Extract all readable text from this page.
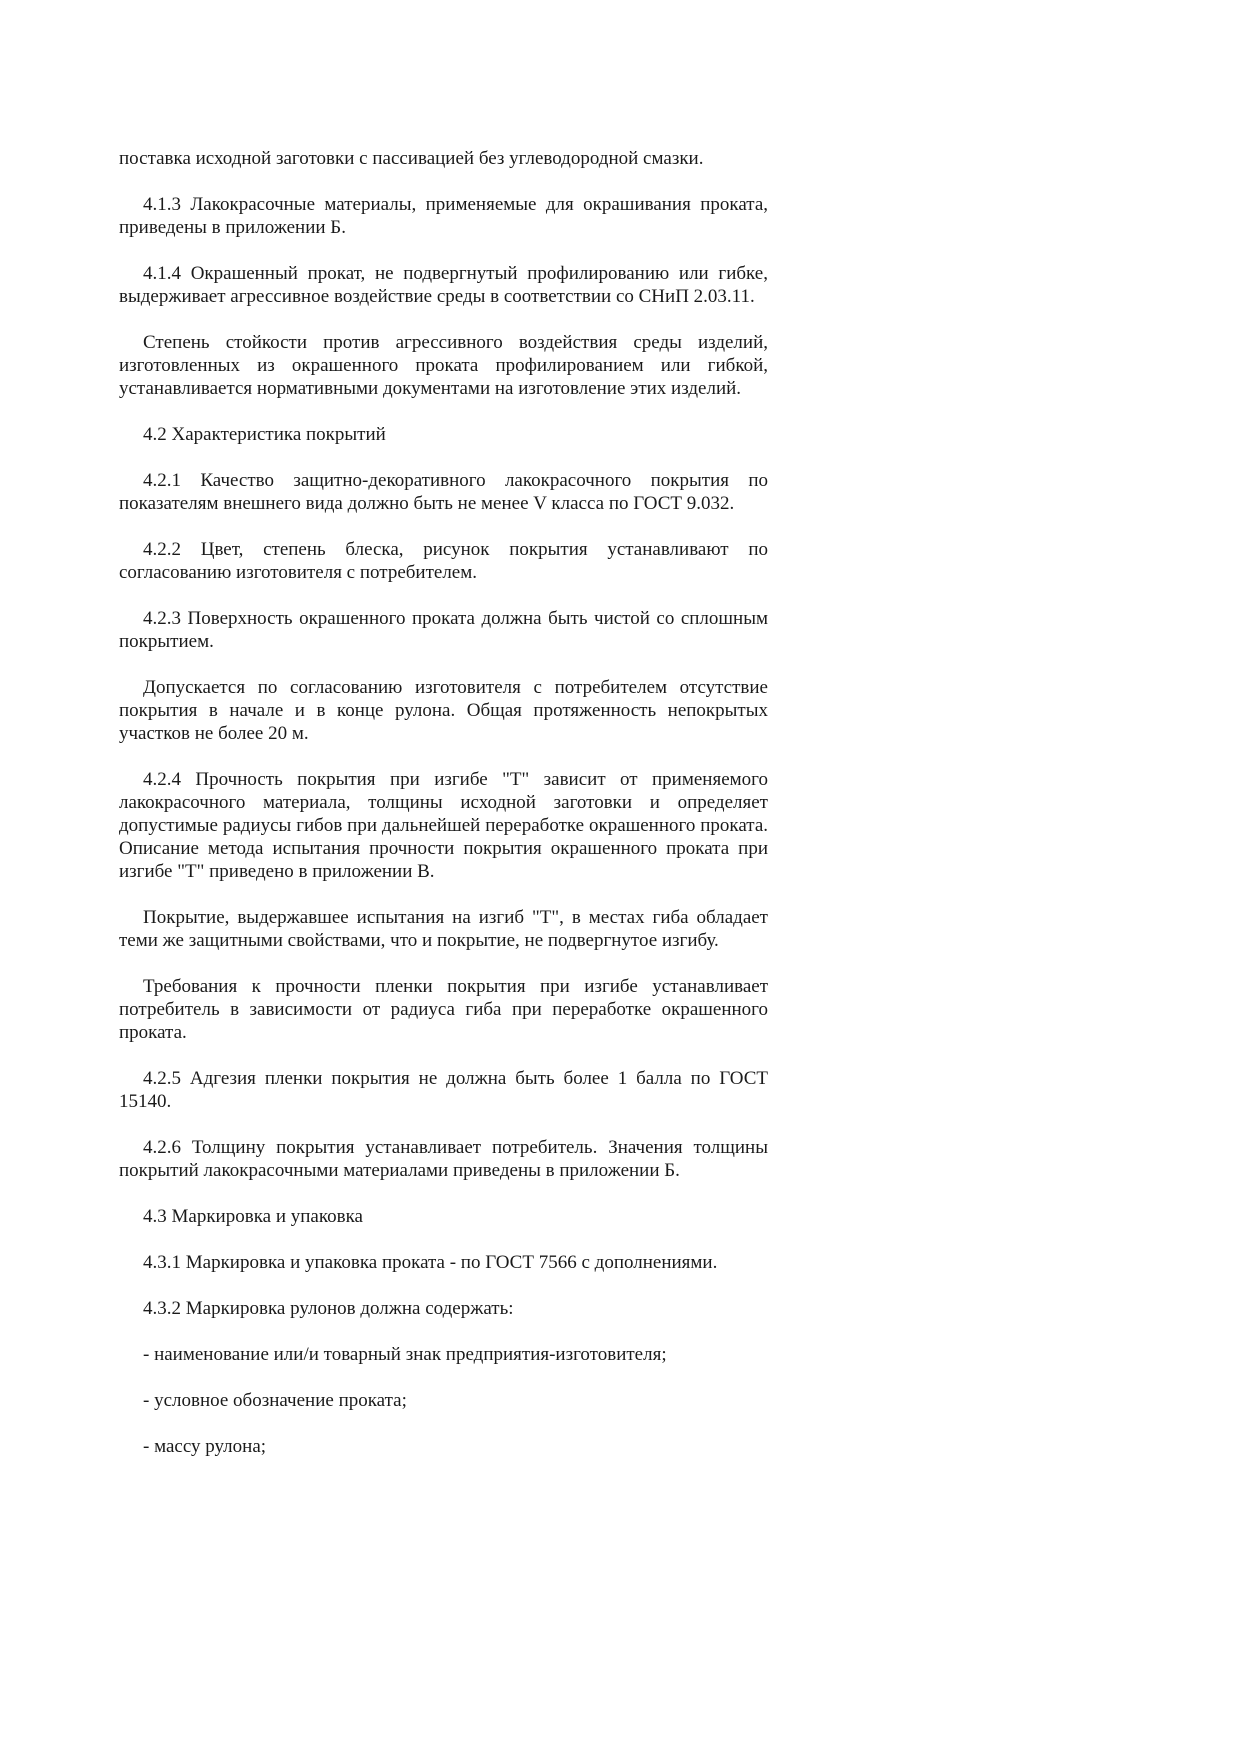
поставка исходной заготовки с пассивацией без углеводородной смазки.

4.1.3 Лакокрасочные материалы, применяемые для окрашивания проката, приведены в приложении Б.

4.1.4 Окрашенный прокат, не подвергнутый профилированию или гибке, выдерживает агрессивное воздействие среды в соответствии со СНиП 2.03.11.

Степень стойкости против агрессивного воздействия среды изделий, изготовленных из окрашенного проката профилированием или гибкой, устанавливается нормативными документами на изготовление этих изделий.

4.2 Характеристика покрытий

4.2.1 Качество защитно-декоративного лакокрасочного покрытия по показателям внешнего вида должно быть не менее V класса по ГОСТ 9.032.

4.2.2 Цвет, степень блеска, рисунок покрытия устанавливают по согласованию изготовителя с потребителем.

4.2.3 Поверхность окрашенного проката должна быть чистой со сплошным покрытием.

Допускается по согласованию изготовителя с потребителем отсутствие покрытия в начале и в конце рулона. Общая протяженность непокрытых участков не более 20 м.

4.2.4 Прочность покрытия при изгибе "Т" зависит от применяемого лакокрасочного материала, толщины исходной заготовки и определяет допустимые радиусы гибов при дальнейшей переработке окрашенного проката. Описание метода испытания прочности покрытия окрашенного проката при изгибе "Т" приведено в приложении В.

Покрытие, выдержавшее испытания на изгиб "Т", в местах гиба обладает теми же защитными свойствами, что и покрытие, не подвергнутое изгибу.

Требования к прочности пленки покрытия при изгибе устанавливает потребитель в зависимости от радиуса гиба при переработке окрашенного проката.

4.2.5 Адгезия пленки покрытия не должна быть более 1 балла по ГОСТ 15140.

4.2.6 Толщину покрытия устанавливает потребитель. Значения толщины покрытий лакокрасочными материалами приведены в приложении Б.

4.3 Маркировка и упаковка

4.3.1 Маркировка и упаковка проката - по ГОСТ 7566 с дополнениями.

4.3.2 Маркировка рулонов должна содержать:

- наименование или/и товарный знак предприятия-изготовителя;

- условное обозначение проката;

- массу рулона;
